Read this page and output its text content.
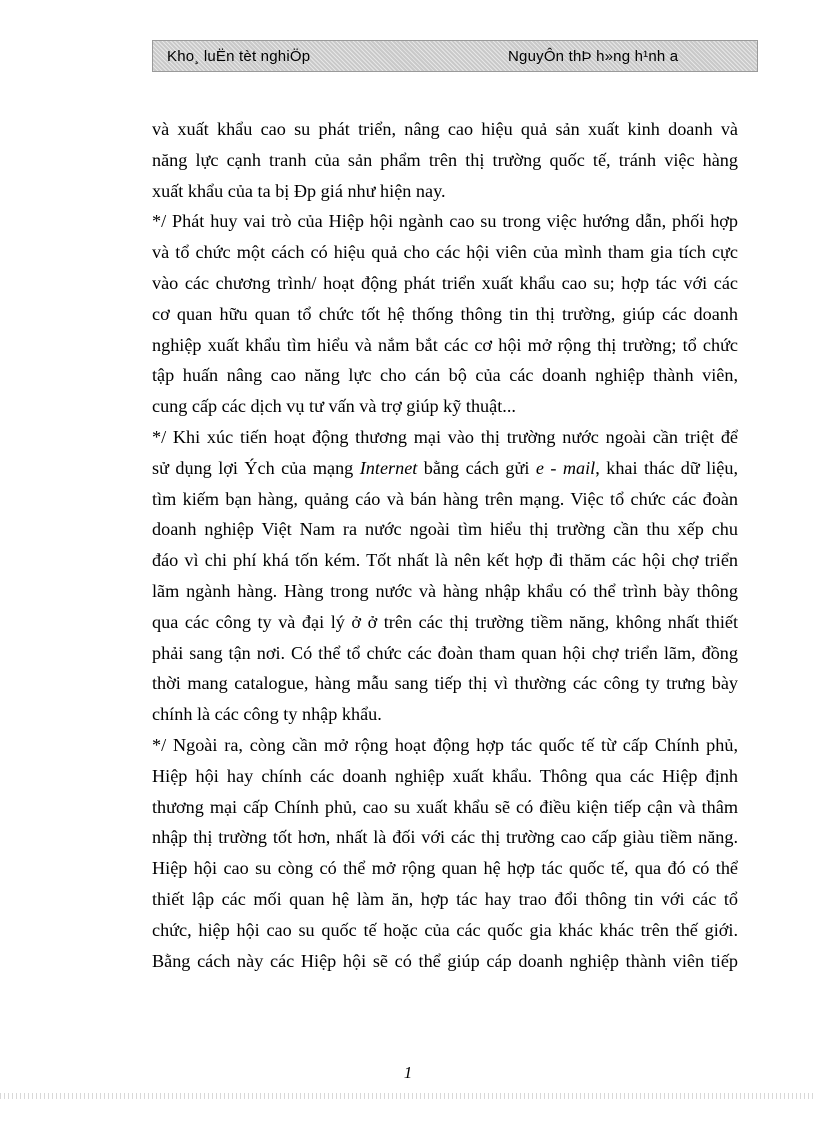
Kho¸ luËn tèt nghiÖp	NguyÔn thÞ h»ng h¹nh a
và xuất khẩu cao su phát triển, nâng cao hiệu quả sản xuất kinh doanh và
năng lực cạnh tranh của sản phẩm trên thị trường quốc tế, tránh việc hàng
xuất khẩu của ta bị Ðp giá như hiện nay.
*/ Phát huy vai trò của Hiệp hội ngành cao su trong việc hướng dẫn, phối hợp
và tổ chức một cách có hiệu quả cho các hội viên của mình tham gia tích cực
vào các chương trình/ hoạt động phát triển xuất khẩu cao su; hợp tác với các
cơ quan hữu quan tổ chức tốt hệ thống thông tin thị trường, giúp các doanh
nghiệp xuất khẩu tìm hiểu và nắm bắt các cơ hội mở rộng thị trường; tổ chức
tập huấn nâng cao năng lực cho cán bộ của các doanh nghiệp thành viên,
cung cấp các dịch vụ tư vấn và trợ giúp kỹ thuật...
*/ Khi xúc tiến hoạt động thương mại vào thị trường nước ngoài cần triệt để
sử dụng lợi Ých của mạng Internet bằng cách gửi e - mail, khai thác dữ liệu,
tìm kiếm bạn hàng, quảng cáo và bán hàng trên mạng. Việc tổ chức các đoàn
doanh nghiệp Việt Nam ra nước ngoài tìm hiểu thị trường cần thu xếp chu
đáo vì chi phí khá tốn kém. Tốt nhất là nên kết hợp đi thăm các hội chợ triển
lãm ngành hàng. Hàng trong nước và hàng nhập khẩu có thể trình bày thông
qua các công ty và đại lý ở ở trên các thị trường tiềm năng, không nhất thiết
phải sang tận nơi. Có thể tổ chức các đoàn tham quan hội chợ triển lãm, đồng
thời mang catalogue, hàng mẫu sang tiếp thị vì thường các công ty trưng bày
chính là các công ty nhập khẩu.
*/ Ngoài ra, còng cần mở rộng hoạt động hợp tác quốc tế từ cấp Chính phủ,
Hiệp hội hay chính các doanh nghiệp xuất khẩu. Thông qua các Hiệp định
thương mại cấp Chính phủ, cao su xuất khẩu sẽ có điều kiện tiếp cận và thâm
nhập thị trường tốt hơn, nhất là đối với các thị trường cao cấp giàu tiềm năng.
Hiệp hội cao su còng có thể mở rộng quan hệ hợp tác quốc tế, qua đó có thể
thiết lập các mối quan hệ làm ăn, hợp tác hay trao đổi thông tin với các tổ
chức, hiệp hội cao su quốc tế hoặc của các quốc gia khác khác trên thế giới.
Bằng cách này các Hiệp hội sẽ có thể giúp cáp doanh nghiệp thành viên tiếp
1
